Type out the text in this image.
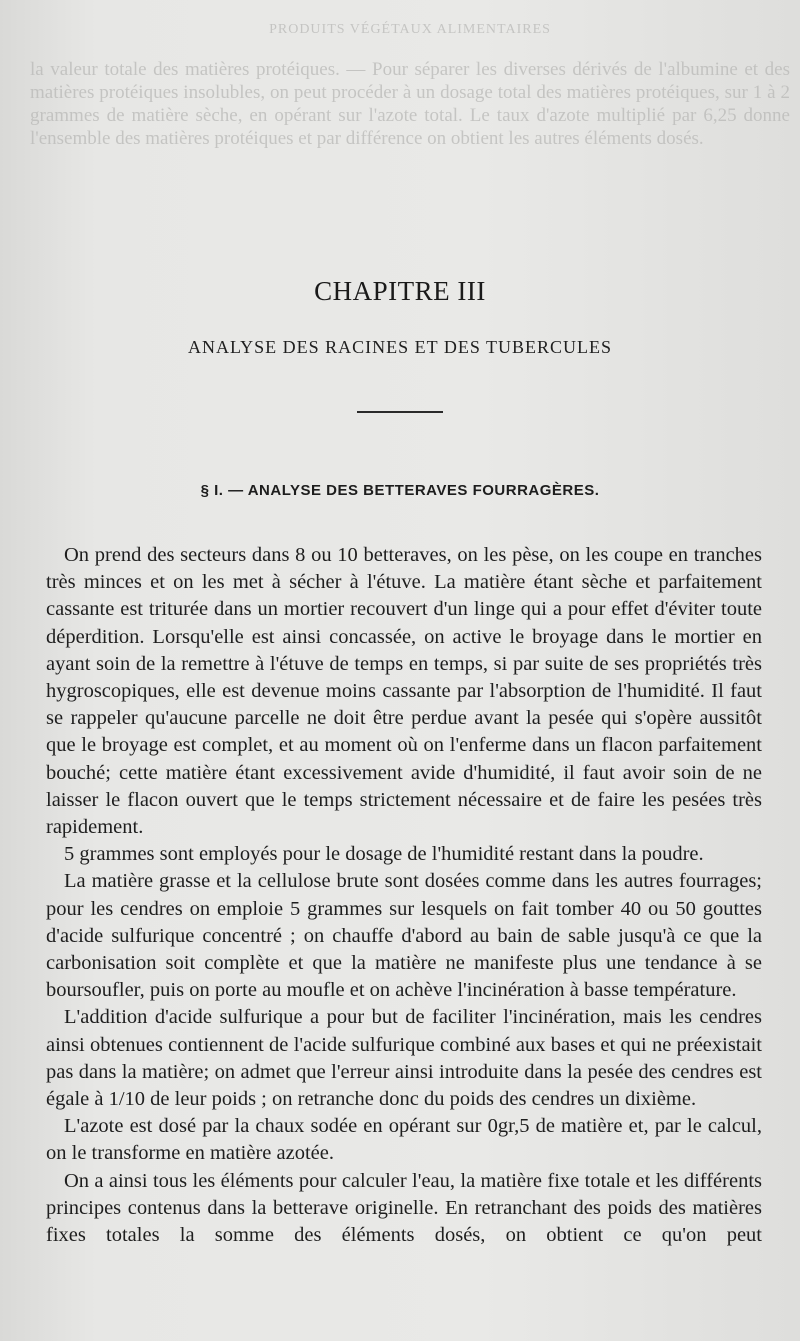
PRODUITS VÉGÉTAUX ALIMENTAIRES
la valeur totale des matières protéiques. — Pour séparer les diverses dérivés de l'albumine et des matières protéiques insolubles, on peut procéder à un dosage total des matières protéiques, sur 1 à 2 grammes de matière sèche, en opérant sur l'azote total. Le taux d'azote multiplié par 6,25 donne l'ensemble des matières protéiques et par différence on obtient les autres éléments dosés.
CHAPITRE III
ANALYSE DES RACINES ET DES TUBERCULES
§ I. — ANALYSE DES BETTERAVES FOURRAGÈRES.

On prend des secteurs dans 8 ou 10 betteraves, on les pèse, on les coupe en tranches très minces et on les met à sécher à l'étuve. La matière étant sèche et parfaitement cassante est triturée dans un mortier recouvert d'un linge qui a pour effet d'éviter toute déperdition. Lorsqu'elle est ainsi concassée, on active le broyage dans le mortier en ayant soin de la remettre à l'étuve de temps en temps, si par suite de ses propriétés très hygroscopiques, elle est devenue moins cassante par l'absorption de l'humidité. Il faut se rappeler qu'aucune parcelle ne doit être perdue avant la pesée qui s'opère aussitôt que le broyage est complet, et au moment où on l'enferme dans un flacon parfaitement bouché; cette matière étant excessivement avide d'humidité, il faut avoir soin de ne laisser le flacon ouvert que le temps strictement nécessaire et de faire les pesées très rapidement.

5 grammes sont employés pour le dosage de l'humidité restant dans la poudre.

La matière grasse et la cellulose brute sont dosées comme dans les autres fourrages; pour les cendres on emploie 5 grammes sur lesquels on fait tomber 40 ou 50 gouttes d'acide sulfurique concentré ; on chauffe d'abord au bain de sable jusqu'à ce que la carbonisation soit complète et que la matière ne manifeste plus une tendance à se boursoufler, puis on porte au moufle et on achève l'incinération à basse température.

L'addition d'acide sulfurique a pour but de faciliter l'incinération, mais les cendres ainsi obtenues contiennent de l'acide sulfurique combiné aux bases et qui ne préexistait pas dans la matière; on admet que l'erreur ainsi introduite dans la pesée des cendres est égale à 1/10 de leur poids ; on retranche donc du poids des cendres un dixième.

L'azote est dosé par la chaux sodée en opérant sur 0gr,5 de matière et, par le calcul, on le transforme en matière azotée.

On a ainsi tous les éléments pour calculer l'eau, la matière fixe totale et les différents principes contenus dans la betterave originelle. En retranchant des poids des matières fixes totales la somme des éléments dosés, on obtient ce qu'on peut
